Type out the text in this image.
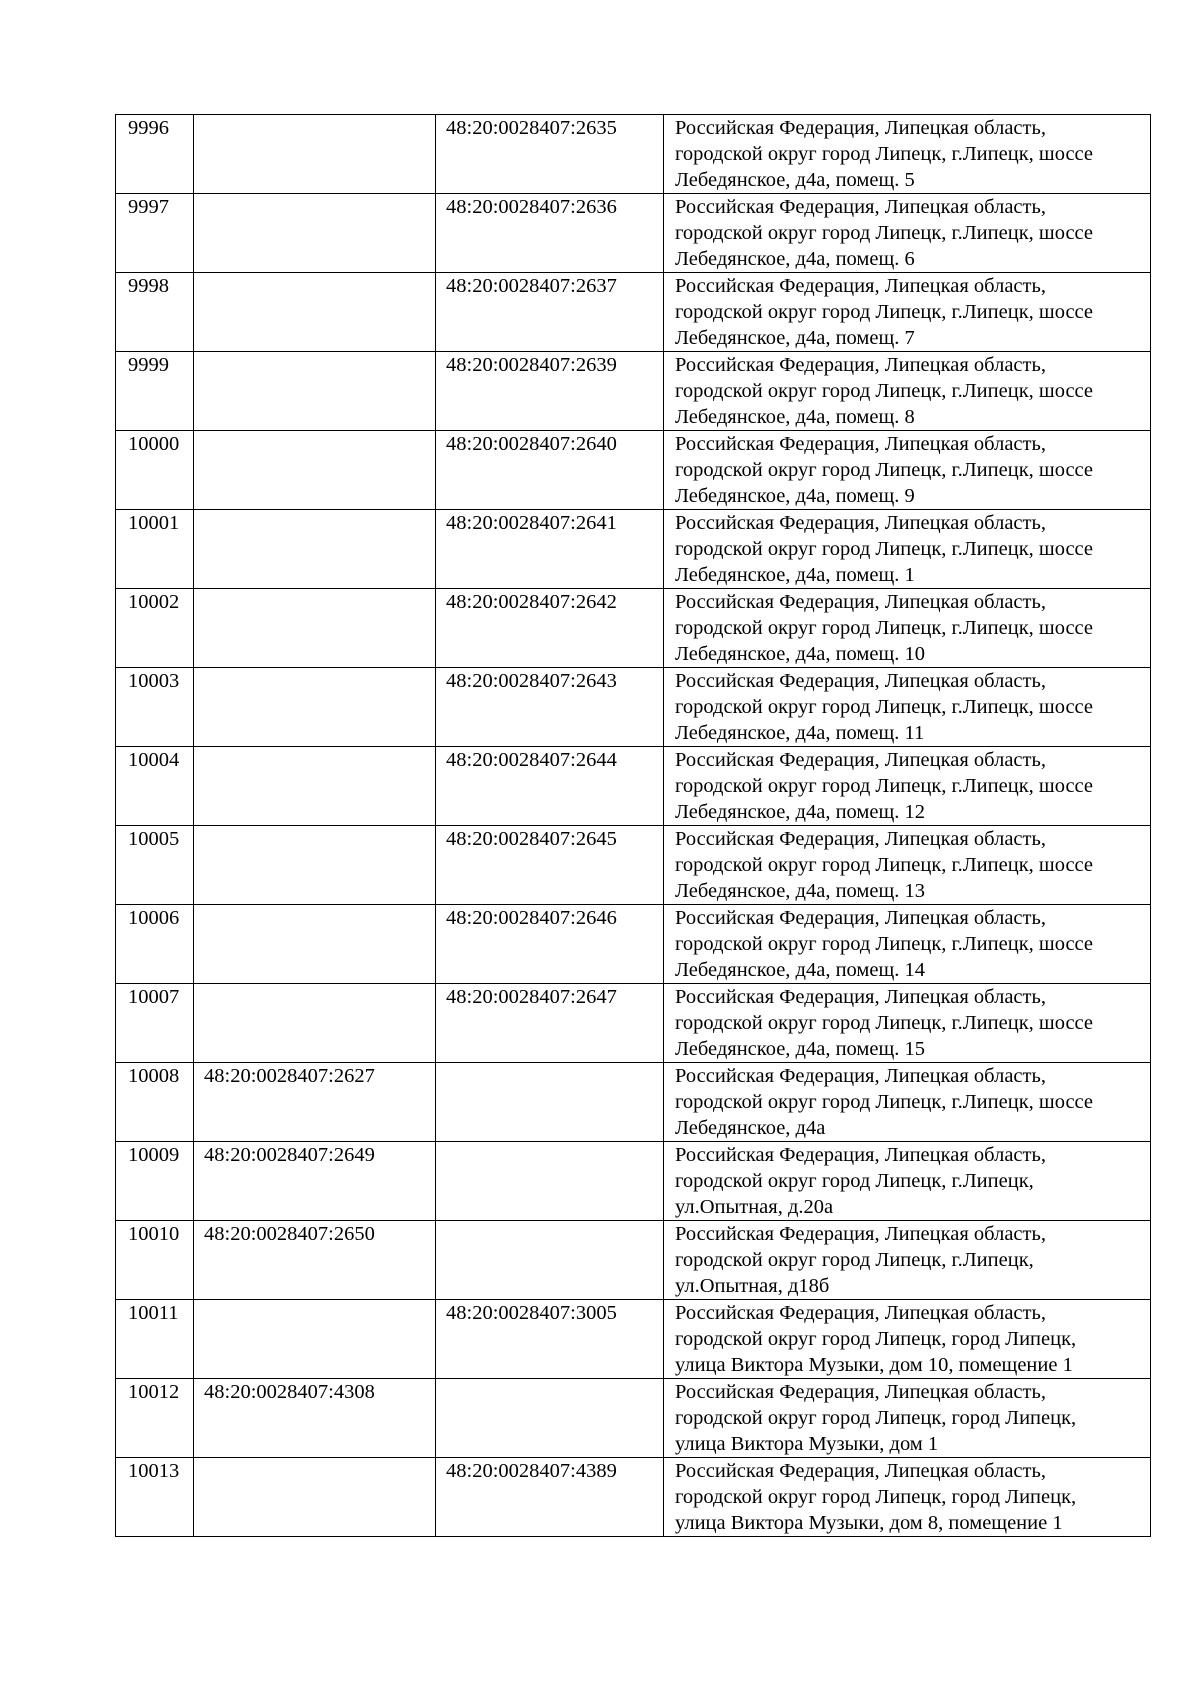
9996		48:20:0028407:2635	Российская Федерация, Липецкая область,
городской округ город Липецк, г.Липецк, шоссе
Лебедянское, д4а, помещ. 5

9997		48:20:0028407:2636	Российская Федерация, Липецкая область,
городской округ город Липецк, г.Липецк, шоссе
Лебедянское, д4а, помещ. 6

9998		48:20:0028407:2637	Российская Федерация, Липецкая область,
городской округ город Липецк, г.Липецк, шоссе
Лебедянское, д4а, помещ. 7

9999		48:20:0028407:2639	Российская Федерация, Липецкая область,
городской округ город Липецк, г.Липецк, шоссе
Лебедянское, д4а, помещ. 8

10000		48:20:0028407:2640	Российская Федерация, Липецкая область,
городской округ город Липецк, г.Липецк, шоссе
Лебедянское, д4а, помещ. 9

10001		48:20:0028407:2641	Российская Федерация, Липецкая область,
городской округ город Липецк, г.Липецк, шоссе
Лебедянское, д4а, помещ. 1

10002		48:20:0028407:2642	Российская Федерация, Липецкая область,
городской округ город Липецк, г.Липецк, шоссе
Лебедянское, д4а, помещ. 10

10003		48:20:0028407:2643	Российская Федерация, Липецкая область,
городской округ город Липецк, г.Липецк, шоссе
Лебедянское, д4а, помещ. 11

10004		48:20:0028407:2644	Российская Федерация, Липецкая область,
городской округ город Липецк, г.Липецк, шоссе
Лебедянское, д4а, помещ. 12

10005		48:20:0028407:2645	Российская Федерация, Липецкая область,
городской округ город Липецк, г.Липецк, шоссе
Лебедянское, д4а, помещ. 13

10006		48:20:0028407:2646	Российская Федерация, Липецкая область,
городской округ город Липецк, г.Липецк, шоссе
Лебедянское, д4а, помещ. 14

10007		48:20:0028407:2647	Российская Федерация, Липецкая область,
городской округ город Липецк, г.Липецк, шоссе
Лебедянское, д4а, помещ. 15

10008	48:20:0028407:2627		Российская Федерация, Липецкая область,
городской округ город Липецк, г.Липецк, шоссе
Лебедянское, д4а

10009	48:20:0028407:2649		Российская Федерация, Липецкая область,
городской округ город Липецк, г.Липецк,
ул.Опытная, д.20а

10010	48:20:0028407:2650		Российская Федерация, Липецкая область,
городской округ город Липецк, г.Липецк,
ул.Опытная, д18б

10011		48:20:0028407:3005	Российская Федерация, Липецкая область,
городской округ город Липецк, город Липецк,
улица Виктора Музыки, дом 10, помещение 1

10012	48:20:0028407:4308		Российская Федерация, Липецкая область,
городской округ город Липецк, город Липецк,
улица Виктора Музыки, дом 1

10013		48:20:0028407:4389	Российская Федерация, Липецкая область,
городской округ город Липецк, город Липецк,
улица Виктора Музыки, дом 8, помещение 1
